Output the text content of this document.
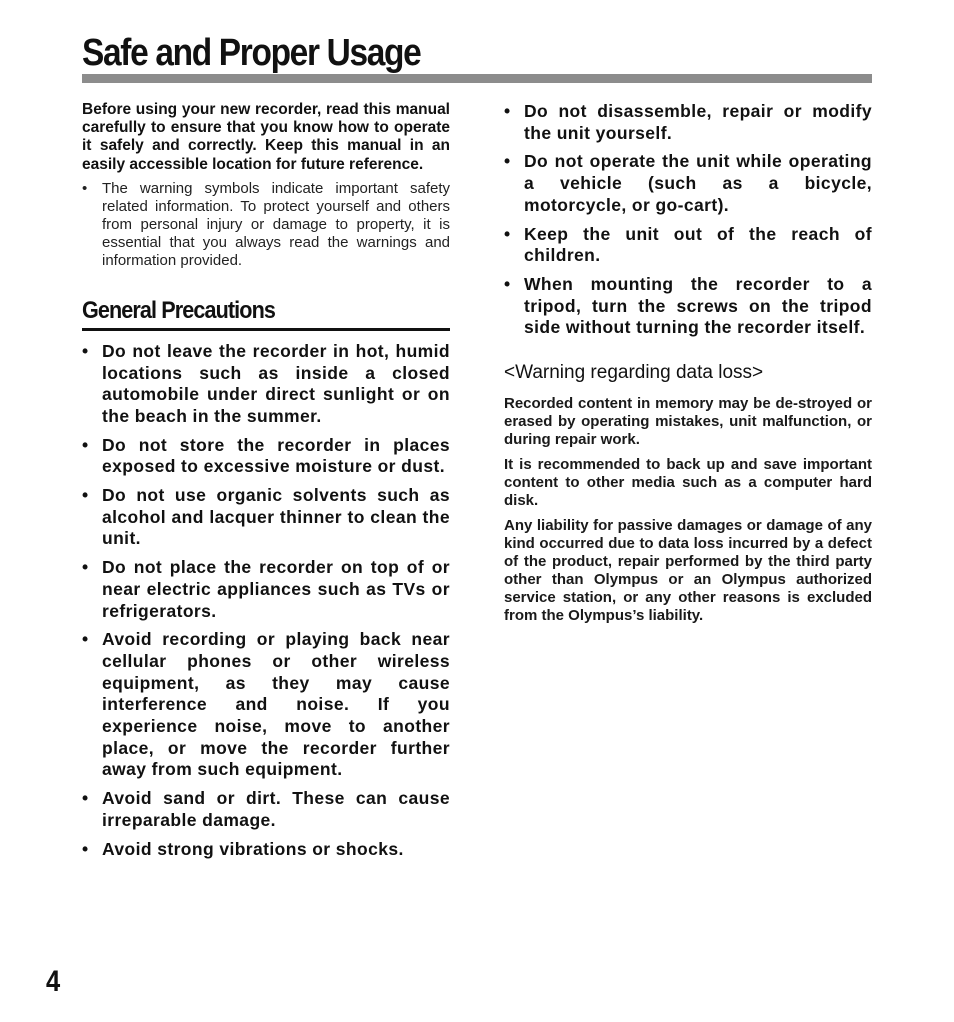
Safe and Proper Usage

Before using your new recorder, read this manual carefully to ensure that you know how to operate it safely and correctly. Keep this manual in an easily accessible location for future reference.

• The warning symbols indicate important safety related information. To protect yourself and others from personal injury or damage to property, it is essential that you always read the warnings and information provided.

General Precautions
• Do not leave the recorder in hot, humid locations such as inside a closed automobile under direct sunlight or on the beach in the summer.
• Do not store the recorder in places exposed to excessive moisture or dust.
• Do not use organic solvents such as alcohol and lacquer thinner to clean the unit.
• Do not place the recorder on top of or near electric appliances such as TVs or refrigerators.
• Avoid recording or playing back near cellular phones or other wireless equipment, as they may cause interference and noise. If you experience noise, move to another place, or move the recorder further away from such equipment.
• Avoid sand or dirt. These can cause irreparable damage.
• Avoid strong vibrations or shocks.
• Do not disassemble, repair or modify the unit yourself.
• Do not operate the unit while operating a vehicle (such as a bicycle, motorcycle, or go-cart).
• Keep the unit out of the reach of children.
• When mounting the recorder to a tripod, turn the screws on the tripod side without turning the recorder itself.
<Warning regarding data loss>

Recorded content in memory may be de-stroyed or erased by operating mistakes, unit malfunction, or during repair work.

It is recommended to back up and save important content to other media such as a computer hard disk.

Any liability for passive damages or damage of any kind occurred due to data loss incurred by a defect of the product, repair performed by the third party other than Olympus or an Olympus authorized service station, or any other reasons is excluded from the Olympus’s liability.

4
